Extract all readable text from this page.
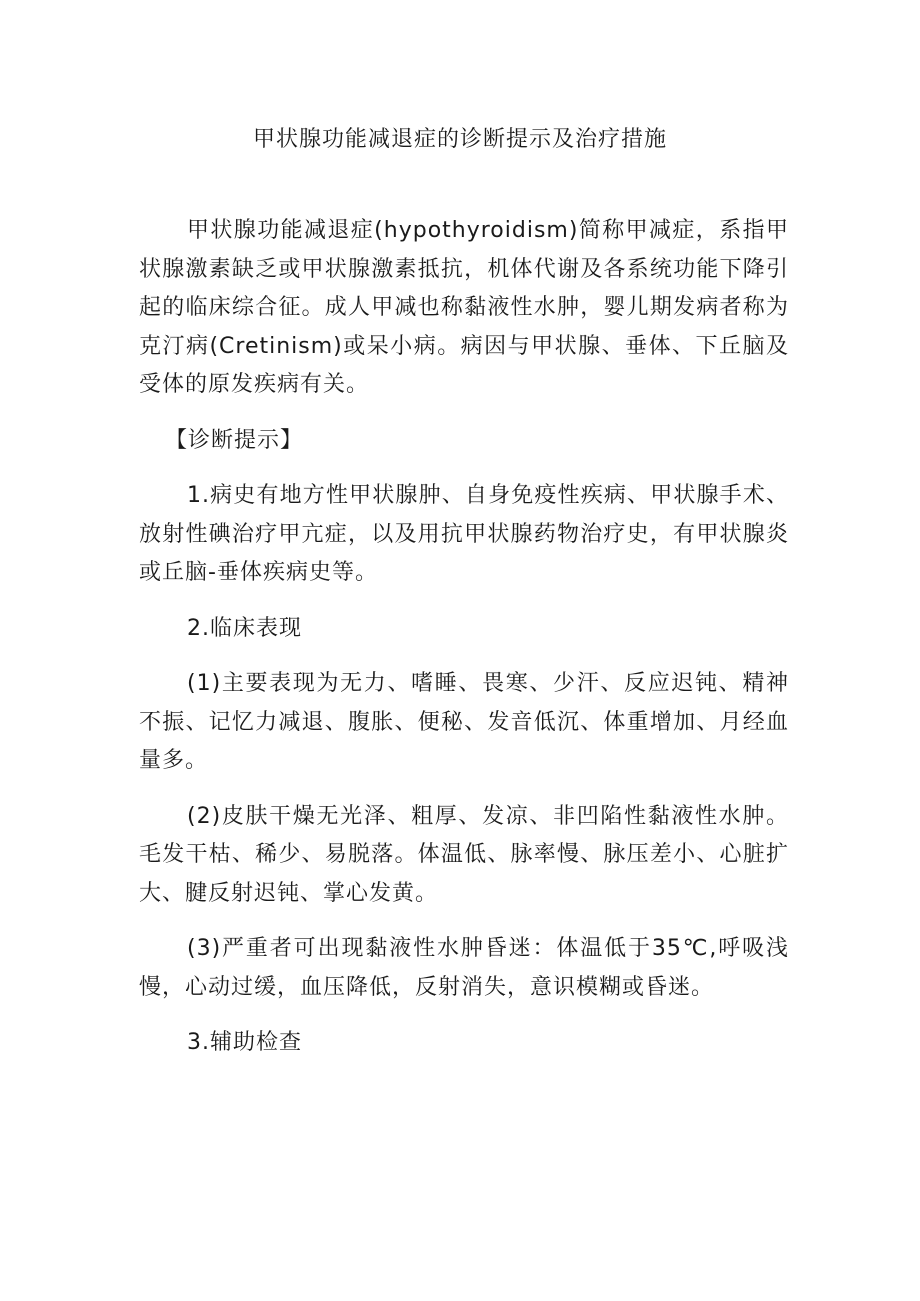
甲状腺功能减退症的诊断提示及治疗措施

甲状腺功能减退症(hypothyroidism)简称甲减症，系指甲状腺激素缺乏或甲状腺激素抵抗，机体代谢及各系统功能下降引起的临床综合征。成人甲减也称黏液性水肿，婴儿期发病者称为克汀病(Cretinism)或呆小病。病因与甲状腺、垂体、下丘脑及受体的原发疾病有关。

【诊断提示】

1.病史有地方性甲状腺肿、自身免疫性疾病、甲状腺手术、放射性碘治疗甲亢症，以及用抗甲状腺药物治疗史，有甲状腺炎或丘脑-垂体疾病史等。

2.临床表现

(1)主要表现为无力、嗜睡、畏寒、少汗、反应迟钝、精神不振、记忆力减退、腹胀、便秘、发音低沉、体重增加、月经血量多。

(2)皮肤干燥无光泽、粗厚、发凉、非凹陷性黏液性水肿。毛发干枯、稀少、易脱落。体温低、脉率慢、脉压差小、心脏扩大、腱反射迟钝、掌心发黄。

(3)严重者可出现黏液性水肿昏迷：体温低于35℃,呼吸浅慢，心动过缓，血压降低，反射消失，意识模糊或昏迷。

3.辅助检查
